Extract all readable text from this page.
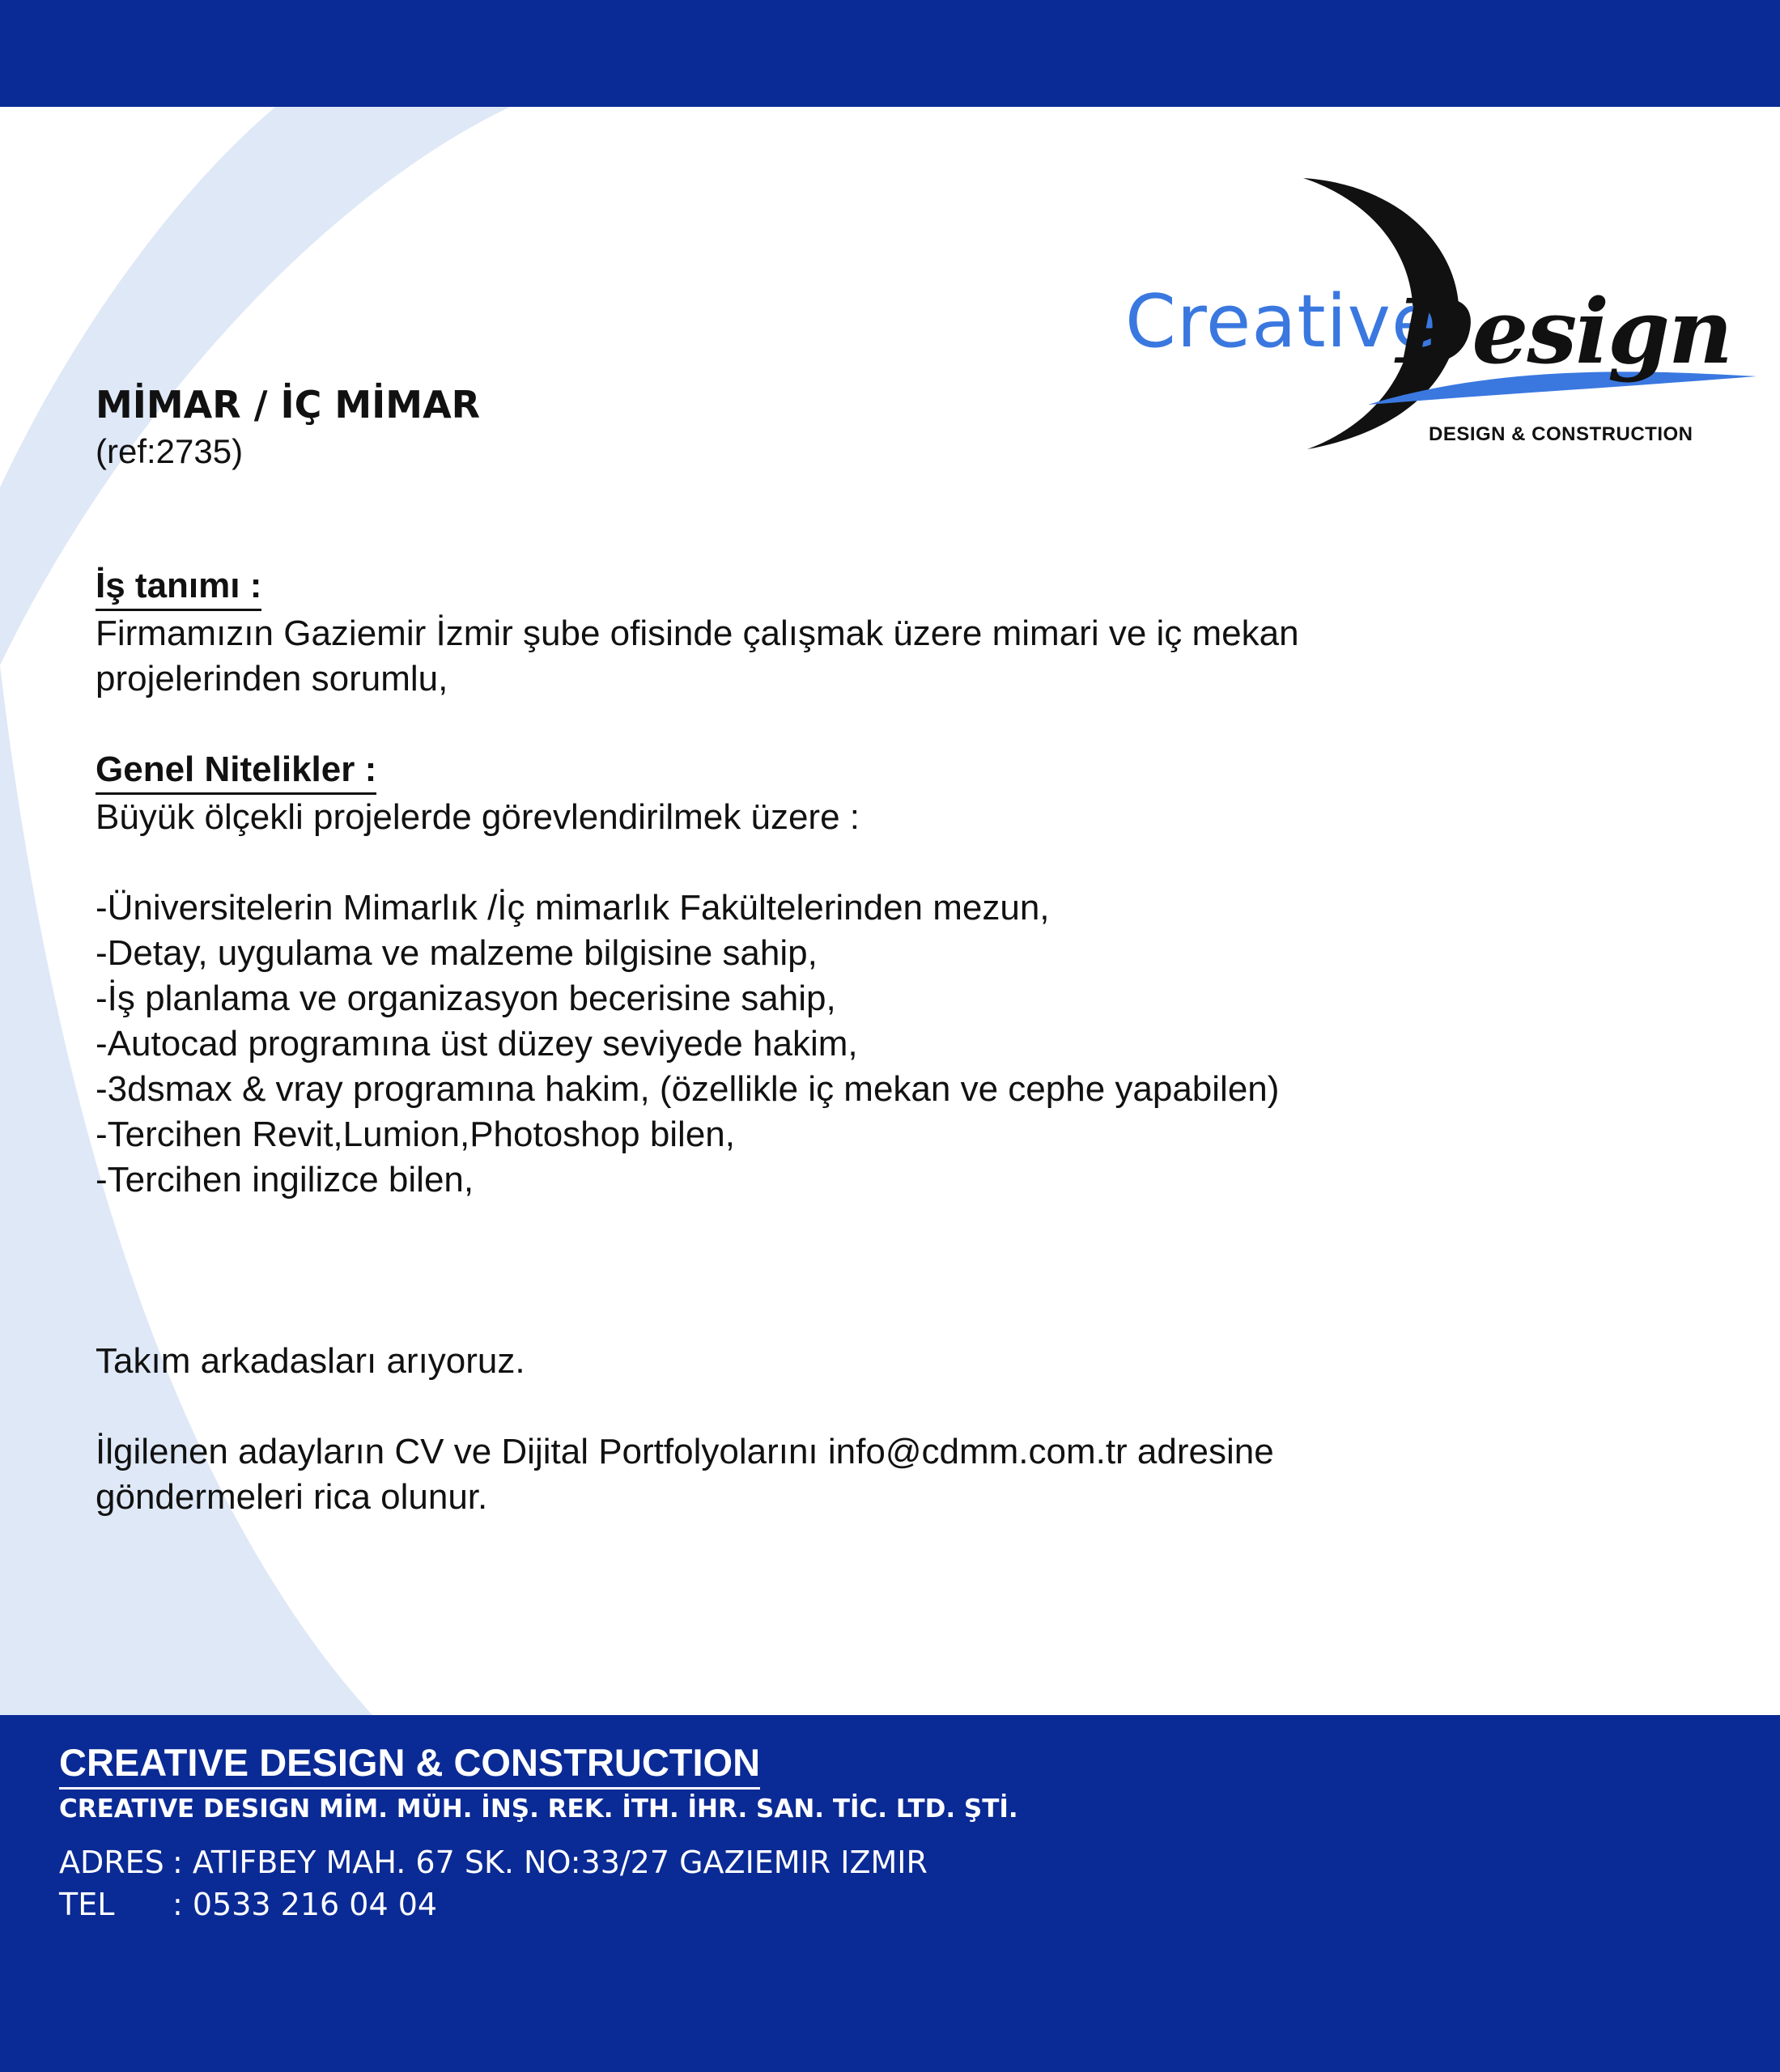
Creative
Design
DESIGN & CONSTRUCTION

MİMAR / İÇ MİMAR

(ref:2735)

İş tanımı :

Firmamızın Gaziemir İzmir şube ofisinde çalışmak üzere mimari ve iç mekan

projelerinden sorumlu,

Genel Nitelikler :

Büyük ölçekli projelerde görevlendirilmek üzere :

-Üniversitelerin Mimarlık /İç mimarlık Fakültelerinden mezun,
-Detay, uygulama ve malzeme bilgisine sahip,
-İş planlama ve organizasyon becerisine sahip,
-Autocad programına üst düzey seviyede hakim,
-3dsmax & vray programına hakim, (özellikle iç mekan ve cephe yapabilen)
-Tercihen Revit,Lumion,Photoshop bilen,
-Tercihen ingilizce bilen,

Takım arkadasları arıyoruz.

İlgilenen adayların CV ve Dijital Portfolyolarını info@cdmm.com.tr adresine

göndermeleri rica olunur.

CREATIVE DESIGN & CONSTRUCTION

CREATIVE DESIGN MİM. MÜH. İNŞ. REK. İTH. İHR. SAN. TİC. LTD. ŞTİ.

ADRES : ATIFBEY MAH. 67 SK. NO:33/27 GAZIEMIR IZMIR

TEL : 0533 216 04 04
